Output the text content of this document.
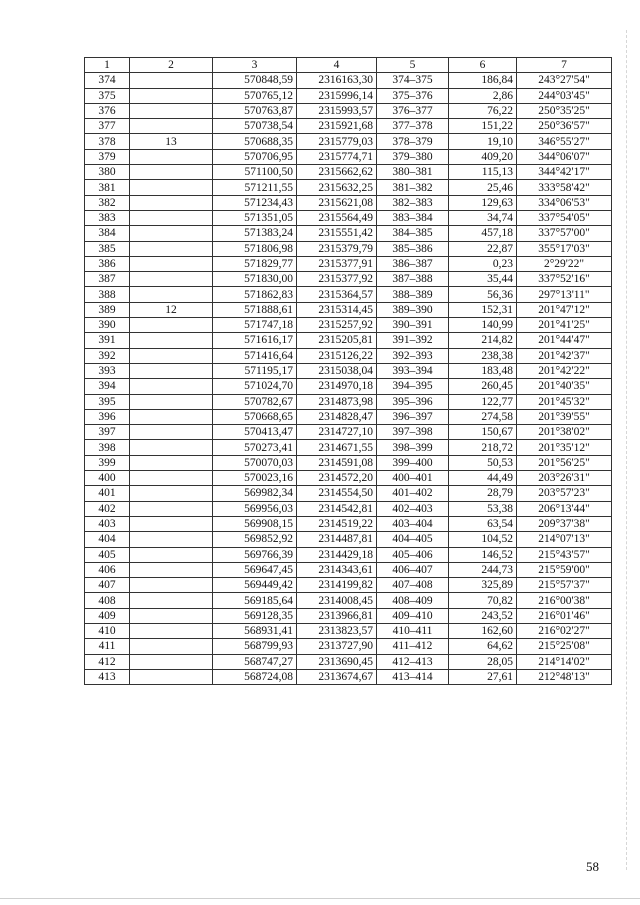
1	2	3	4	5	6	7
374		570848,59	2316163,30	374–375	186,84	243°27'54"
375		570765,12	2315996,14	375–376	2,86	244°03'45"
376		570763,87	2315993,57	376–377	76,22	250°35'25"
377		570738,54	2315921,68	377–378	151,22	250°36'57"
378	13	570688,35	2315779,03	378–379	19,10	346°55'27"
379		570706,95	2315774,71	379–380	409,20	344°06'07"
380		571100,50	2315662,62	380–381	115,13	344°42'17"
381		571211,55	2315632,25	381–382	25,46	333°58'42"
382		571234,43	2315621,08	382–383	129,63	334°06'53"
383		571351,05	2315564,49	383–384	34,74	337°54'05"
384		571383,24	2315551,42	384–385	457,18	337°57'00"
385		571806,98	2315379,79	385–386	22,87	355°17'03"
386		571829,77	2315377,91	386–387	0,23	2°29'22"
387		571830,00	2315377,92	387–388	35,44	337°52'16"
388		571862,83	2315364,57	388–389	56,36	297°13'11"
389	12	571888,61	2315314,45	389–390	152,31	201°47'12"
390		571747,18	2315257,92	390–391	140,99	201°41'25"
391		571616,17	2315205,81	391–392	214,82	201°44'47"
392		571416,64	2315126,22	392–393	238,38	201°42'37"
393		571195,17	2315038,04	393–394	183,48	201°42'22"
394		571024,70	2314970,18	394–395	260,45	201°40'35"
395		570782,67	2314873,98	395–396	122,77	201°45'32"
396		570668,65	2314828,47	396–397	274,58	201°39'55"
397		570413,47	2314727,10	397–398	150,67	201°38'02"
398		570273,41	2314671,55	398–399	218,72	201°35'12"
399		570070,03	2314591,08	399–400	50,53	201°56'25"
400		570023,16	2314572,20	400–401	44,49	203°26'31"
401		569982,34	2314554,50	401–402	28,79	203°57'23"
402		569956,03	2314542,81	402–403	53,38	206°13'44"
403		569908,15	2314519,22	403–404	63,54	209°37'38"
404		569852,92	2314487,81	404–405	104,52	214°07'13"
405		569766,39	2314429,18	405–406	146,52	215°43'57"
406		569647,45	2314343,61	406–407	244,73	215°59'00"
407		569449,42	2314199,82	407–408	325,89	215°57'37"
408		569185,64	2314008,45	408–409	70,82	216°00'38"
409		569128,35	2313966,81	409–410	243,52	216°01'46"
410		568931,41	2313823,57	410–411	162,60	216°02'27"
411		568799,93	2313727,90	411–412	64,62	215°25'08"
412		568747,27	2313690,45	412–413	28,05	214°14'02"
413		568724,08	2313674,67	413–414	27,61	212°48'13"
58
